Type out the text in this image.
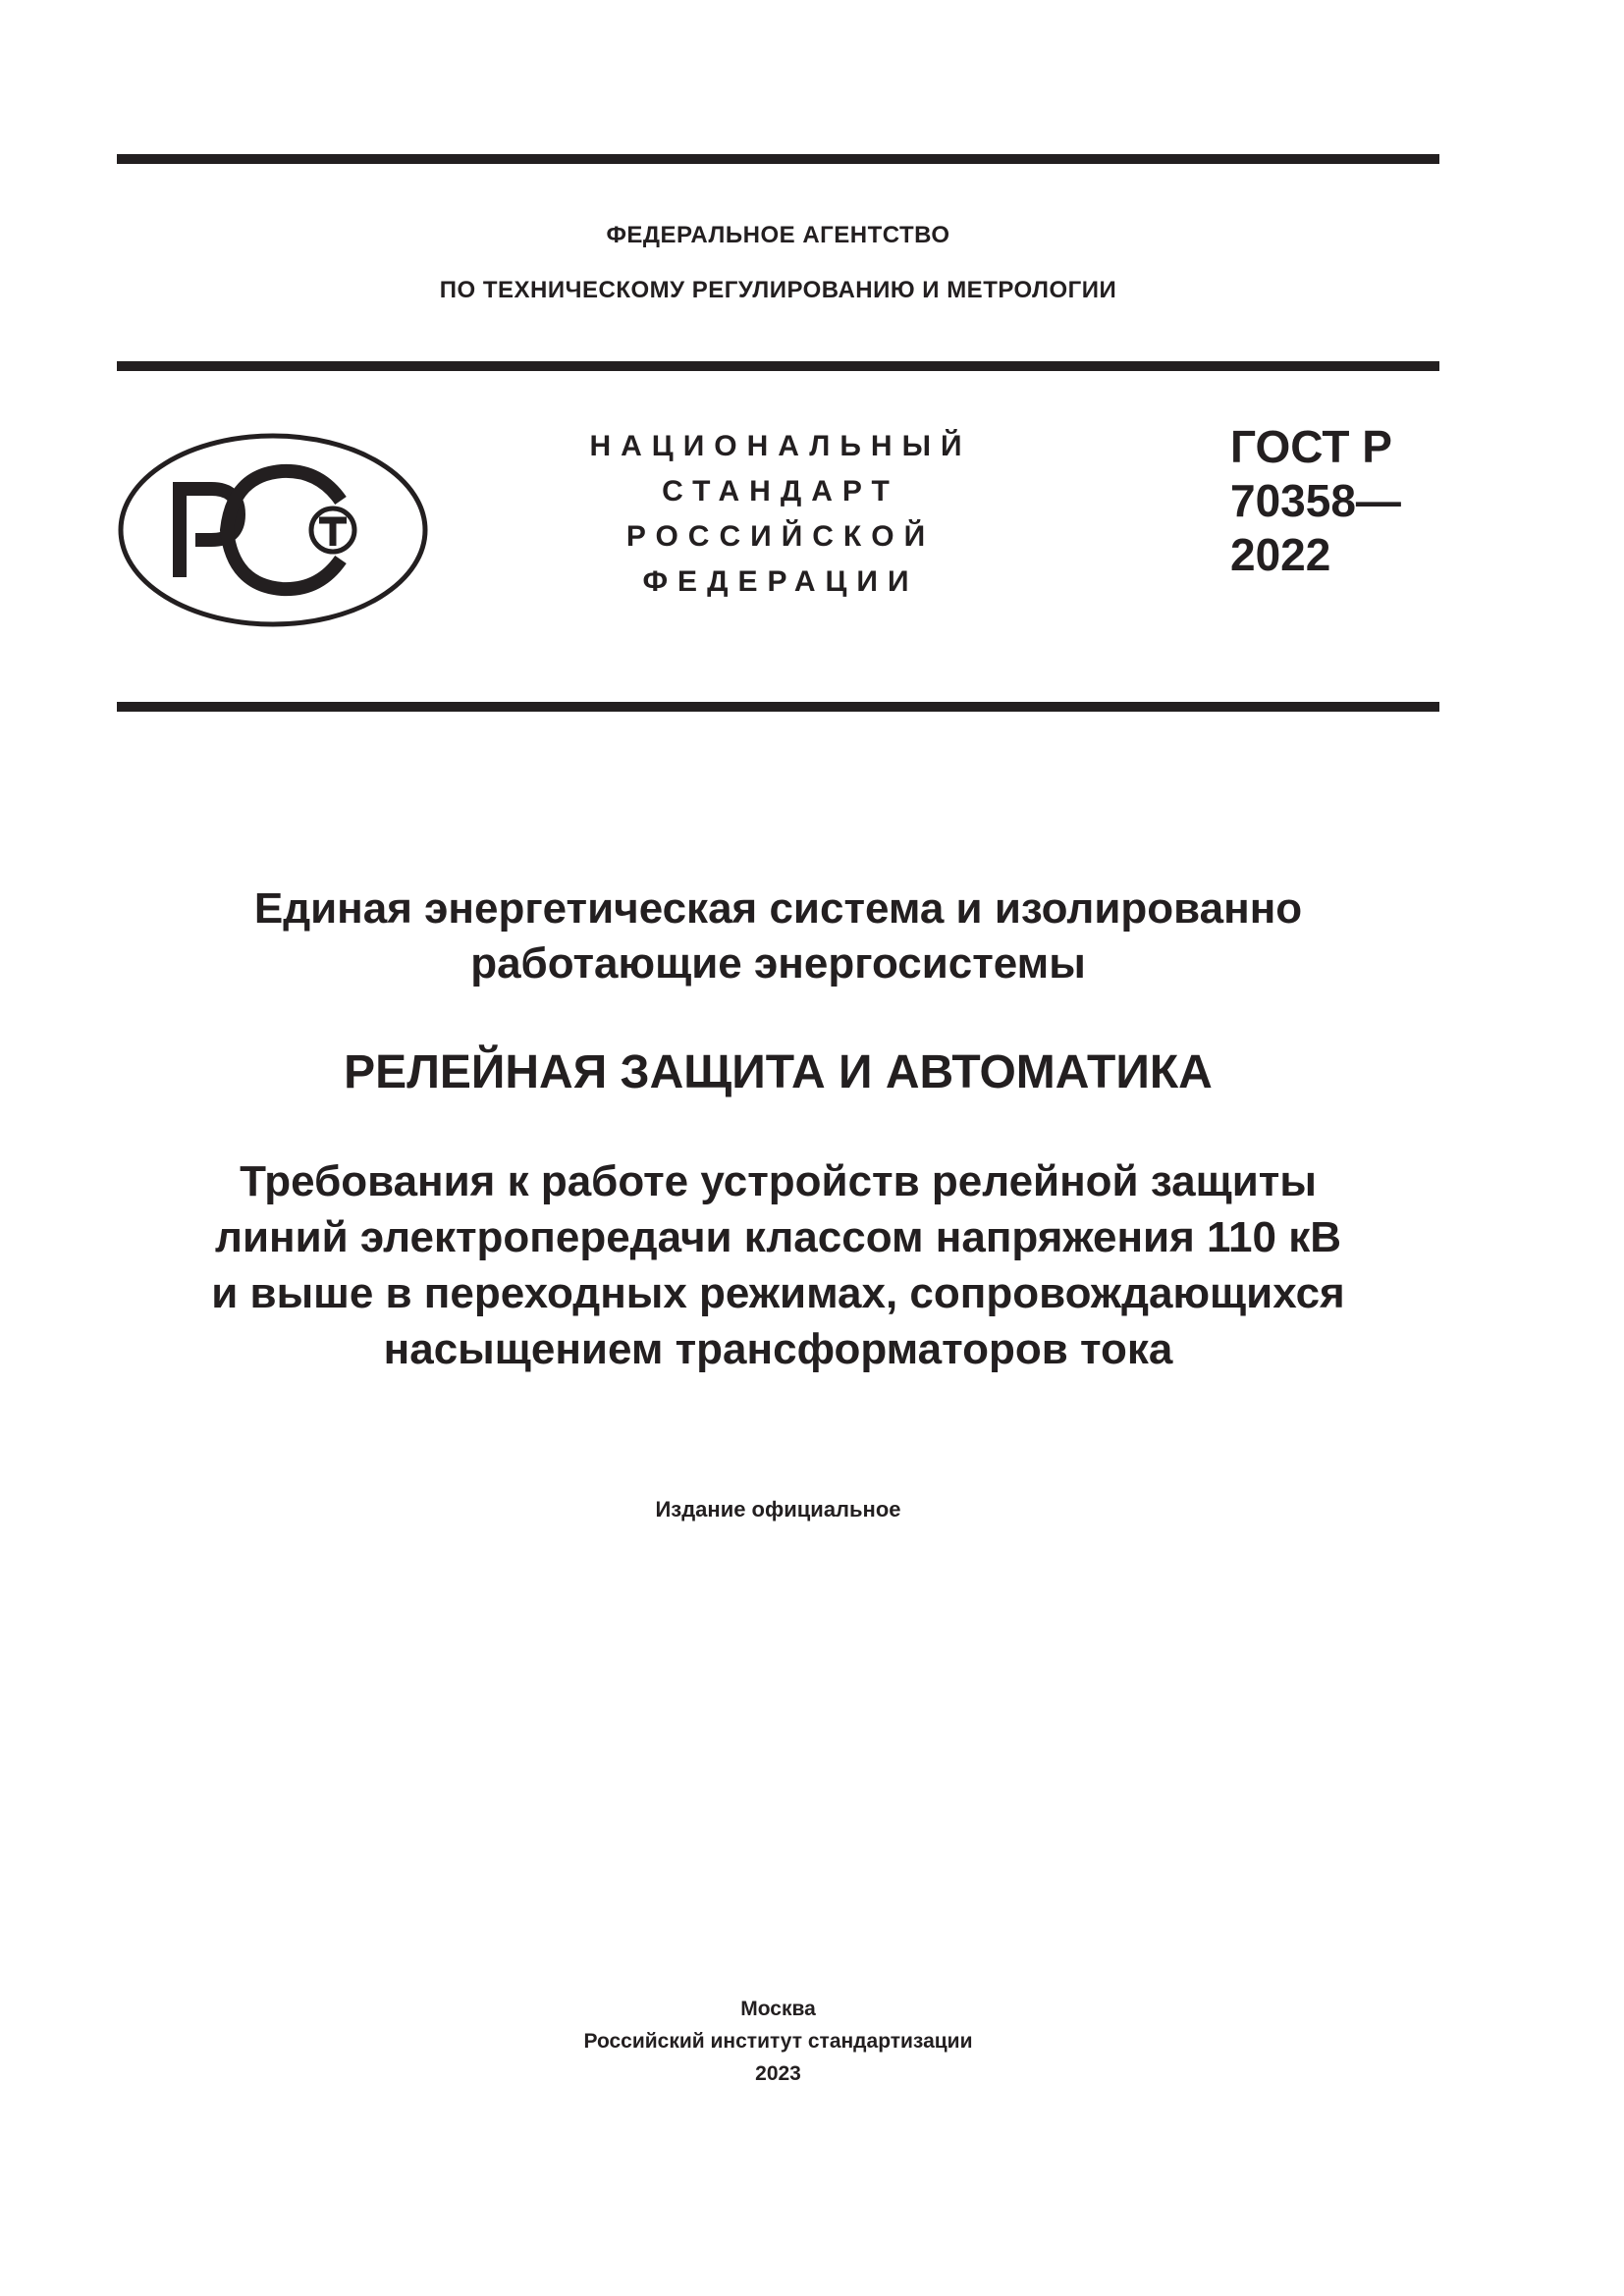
ФЕДЕРАЛЬНОЕ АГЕНТСТВО
ПО ТЕХНИЧЕСКОМУ РЕГУЛИРОВАНИЮ И МЕТРОЛОГИИ
НАЦИОНАЛЬНЫЙ
СТАНДАРТ
РОССИЙСКОЙ
ФЕДЕРАЦИИ
ГОСТ Р
70358—
2022
Единая энергетическая система и изолированно
работающие энергосистемы
РЕЛЕЙНАЯ ЗАЩИТА И АВТОМАТИКА
Требования к работе устройств релейной защиты
линий электропередачи классом напряжения 110 кВ
и выше в переходных режимах, сопровождающихся
насыщением трансформаторов тока
Издание официальное
Москва
Российский институт стандартизации
2023
